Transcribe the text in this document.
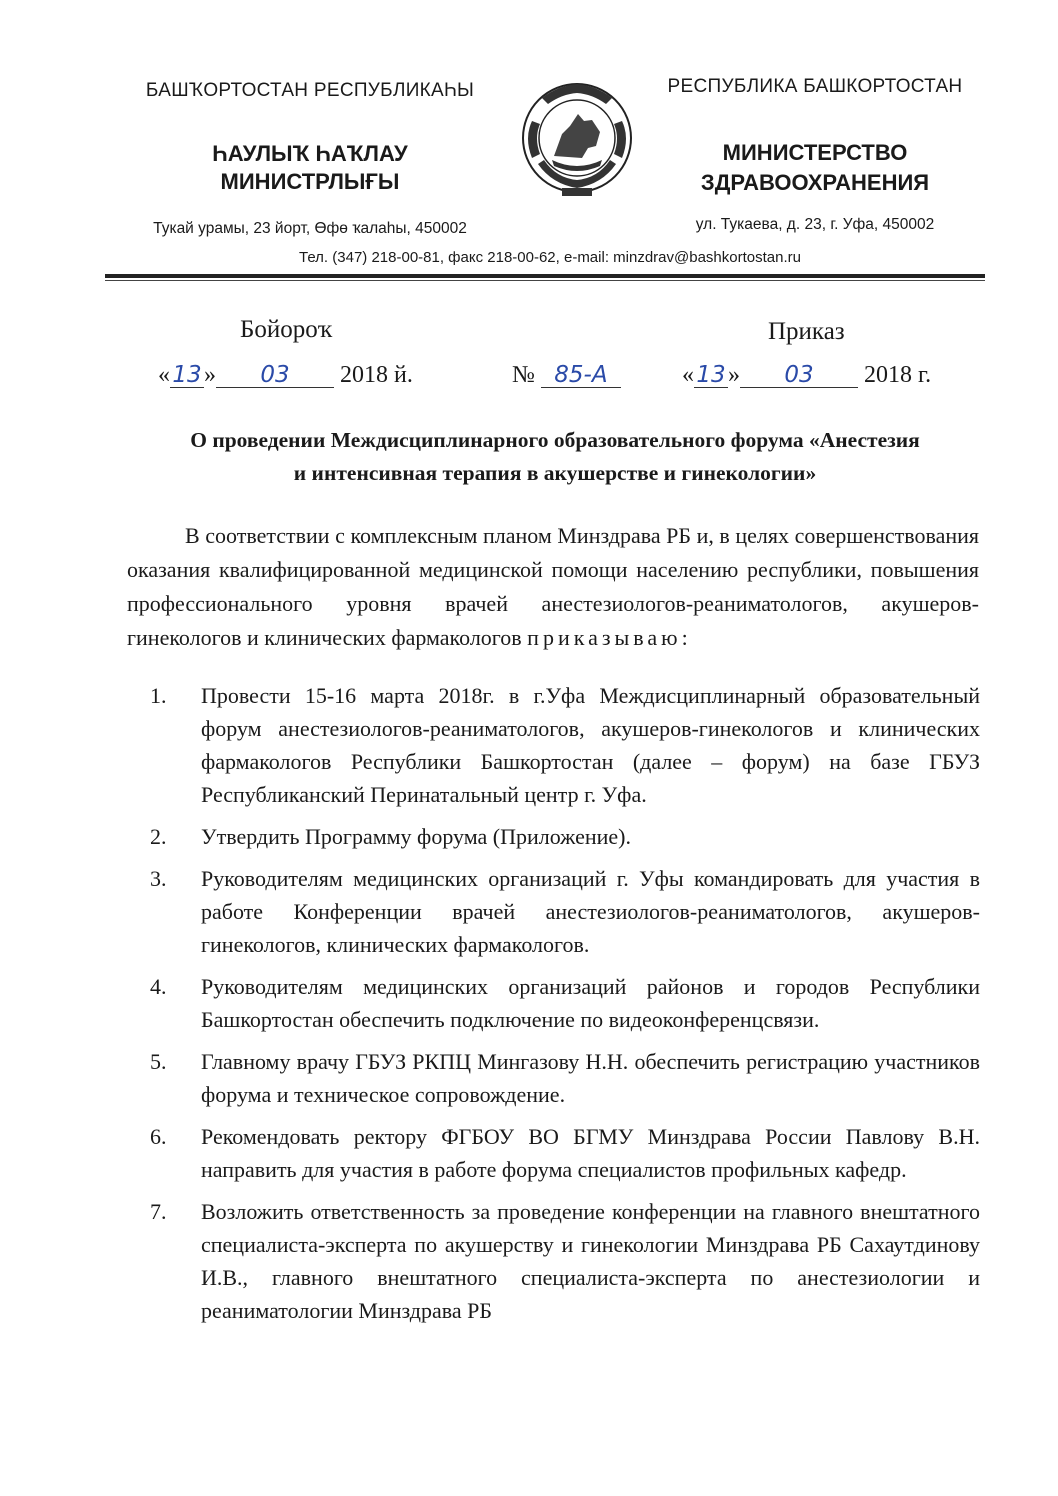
БАШҠОРТОСТАН РЕСПУБЛИКАҺЫ	РЕСПУБЛИКА БАШКОРТОСТАН
ҺАУЛЫҠ ҺАҠЛАУ
МИНИСТРЛЫҒЫ
МИНИСТЕРСТВО
ЗДРАВООХРАНЕНИЯ
Тукай урамы, 23 йорт, Өфө ҡалаһы, 450002	ул. Тукаева, д. 23, г. Уфа, 450002
Тел. (347) 218-00-81, факс 218-00-62, e-mail: minzdrav@bashkortostan.ru
Бойороҡ	Приказ
« 13» 03 2018 й.	№ 85-А	« 13» 03 2018 г.
О проведении Междисциплинарного образовательного форума «Анестезия
и интенсивная терапия в акушерстве и гинекологии»
В соответствии с комплексным планом Минздрава РБ и, в целях совершенствования оказания квалифицированной медицинской помощи населению республики, повышения профессионального уровня врачей анестезиологов-реаниматологов, акушеров-гинекологов и клинических фармакологов приказываю:
1.	Провести 15-16 марта 2018г. в г.Уфа Междисциплинарный образовательный форум анестезиологов-реаниматологов, акушеров-гинекологов и клинических фармакологов Республики Башкортостан (далее – форум) на базе ГБУЗ Республиканский Перинатальный центр г. Уфа.
2.	Утвердить Программу форума (Приложение).
3.	Руководителям медицинских организаций г. Уфы командировать для участия в работе Конференции врачей анестезиологов-реаниматологов, акушеров-гинекологов, клинических фармакологов.
4.	Руководителям медицинских организаций районов и городов Республики Башкортостан обеспечить подключение по видеоконференцсвязи.
5.	Главному врачу ГБУЗ РКПЦ Мингазову Н.Н. обеспечить регистрацию участников форума и техническое сопровождение.
6.	Рекомендовать ректору ФГБОУ ВО БГМУ Минздрава России Павлову В.Н. направить для участия в работе форума специалистов профильных кафедр.
7.	Возложить ответственность за проведение конференции на главного внештатного специалиста-эксперта по акушерству и гинекологии Минздрава РБ Сахаутдинову И.В., главного внештатного специалиста-эксперта по анестезиологии и реаниматологии Минздрава РБ
